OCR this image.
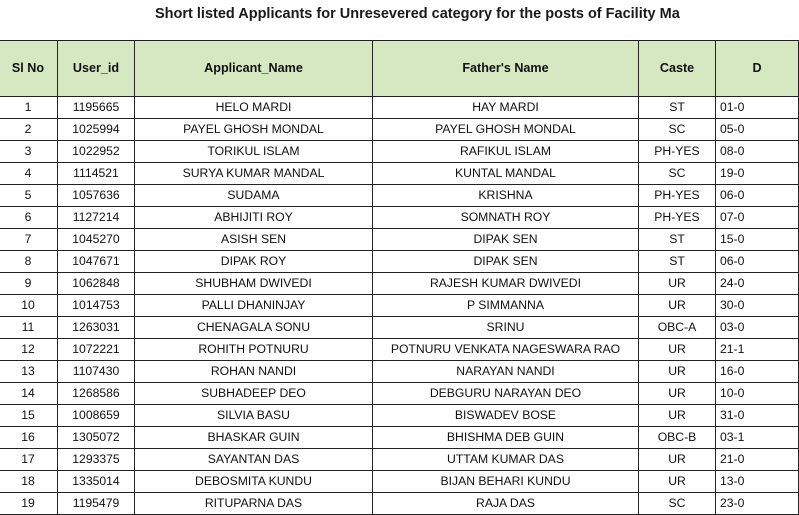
Short listed Applicants for Unresevered category for the posts of Facility Ma
Sl No	User_id	Applicant_Name	Father's Name	Caste	D
1	1195665	HELO MARDI	HAY MARDI	ST	01-0
2	1025994	PAYEL GHOSH MONDAL	PAYEL GHOSH MONDAL	SC	05-0
3	1022952	TORIKUL ISLAM	RAFIKUL ISLAM	PH-YES	08-0
4	1114521	SURYA KUMAR MANDAL	KUNTAL MANDAL	SC	19-0
5	1057636	SUDAMA	KRISHNA	PH-YES	06-0
6	1127214	ABHIJITI ROY	SOMNATH ROY	PH-YES	07-0
7	1045270	ASISH SEN	DIPAK SEN	ST	15-0
8	1047671	DIPAK ROY	DIPAK SEN	ST	06-0
9	1062848	SHUBHAM DWIVEDI	RAJESH KUMAR DWIVEDI	UR	24-0
10	1014753	PALLI DHANINJAY	P SIMMANNA	UR	30-0
11	1263031	CHENAGALA SONU	SRINU	OBC-A	03-0
12	1072221	ROHITH POTNURU	POTNURU VENKATA NAGESWARA RAO	UR	21-1
13	1107430	ROHAN NANDI	NARAYAN NANDI	UR	16-0
14	1268586	SUBHADEEP DEO	DEBGURU NARAYAN DEO	UR	10-0
15	1008659	SILVIA BASU	BISWADEV BOSE	UR	31-0
16	1305072	BHASKAR GUIN	BHISHMA DEB GUIN	OBC-B	03-1
17	1293375	SAYANTAN DAS	UTTAM KUMAR DAS	UR	21-0
18	1335014	DEBOSMITA KUNDU	BIJAN BEHARI KUNDU	UR	13-0
19	1195479	RITUPARNA DAS	RAJA DAS	SC	23-0
